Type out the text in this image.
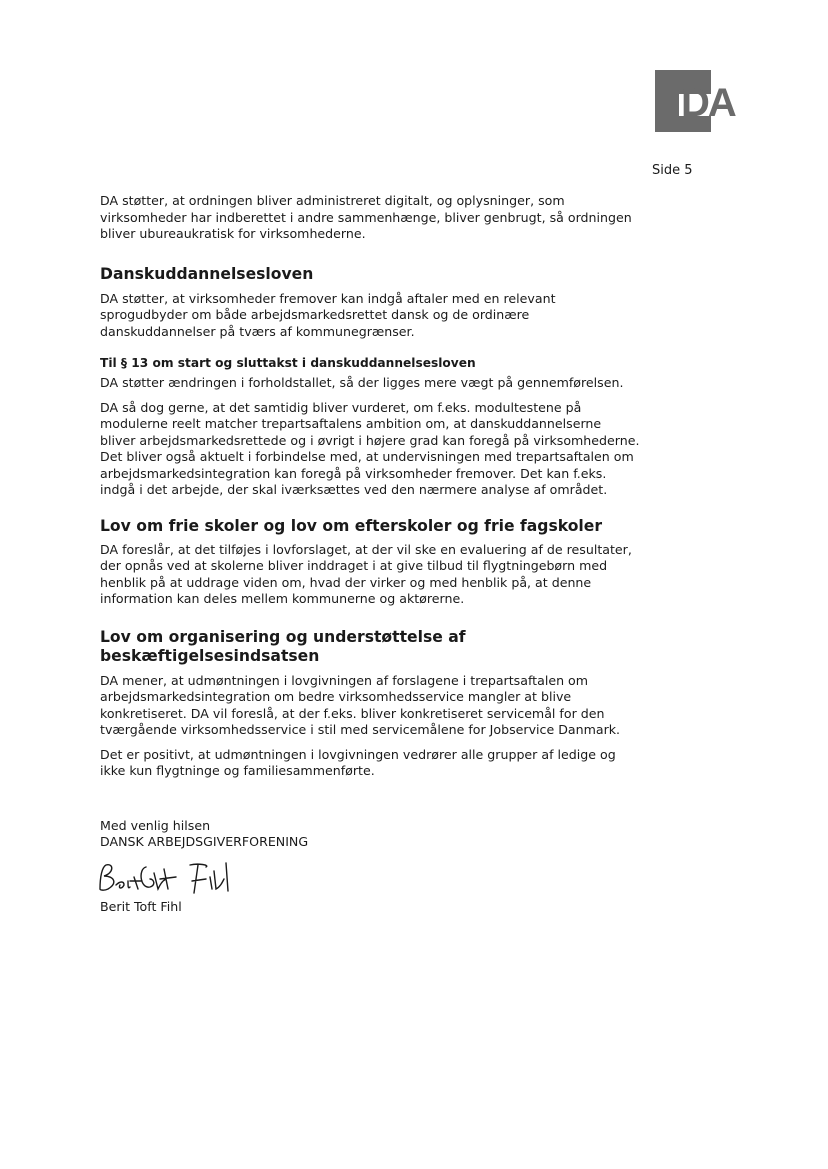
DA
Side 5

DA støtter, at ordningen bliver administreret digitalt, og oplysninger, som virksomheder har indberettet i andre sammenhænge, bliver genbrugt, så ordningen bliver ubureaukratisk for virksomhederne.

Danskuddannelsesloven

DA støtter, at virksomheder fremover kan indgå aftaler med en relevant sprogudbyder om både arbejdsmarkedsrettet dansk og de ordinære danskuddannelser på tværs af kommunegrænser.

Til § 13 om start og sluttakst i danskuddannelsesloven

DA støtter ændringen i forholdstallet, så der ligges mere vægt på gennemførelsen.

DA så dog gerne, at det samtidig bliver vurderet, om f.eks. modultestene på modulerne reelt matcher trepartsaftalens ambition om, at danskuddannelserne bliver arbejdsmarkedsrettede og i øvrigt i højere grad kan foregå på virksomhederne. Det bliver også aktuelt i forbindelse med, at undervisningen med trepartsaftalen om arbejdsmarkedsintegration kan foregå på virksomheder fremover. Det kan f.eks. indgå i det arbejde, der skal iværksættes ved den nærmere analyse af området.

Lov om frie skoler og lov om efterskoler og frie fagskoler

DA foreslår, at det tilføjes i lovforslaget, at der vil ske en evaluering af de resultater, der opnås ved at skolerne bliver inddraget i at give tilbud til flygtningebørn med henblik på at uddrage viden om, hvad der virker og med henblik på, at denne information kan deles mellem kommunerne og aktørerne.

Lov om organisering og understøttelse af beskæftigelsesindsatsen

DA mener, at udmøntningen i lovgivningen af forslagene i trepartsaftalen om arbejdsmarkedsintegration om bedre virksomhedsservice mangler at blive konkretiseret. DA vil foreslå, at der f.eks. bliver konkretiseret servicemål for den tværgående virksomhedsservice i stil med servicemålene for Jobservice Danmark.

Det er positivt, at udmøntningen i lovgivningen vedrører alle grupper af ledige og ikke kun flygtninge og familiesammenførte.

Med venlig hilsen

DANSK ARBEJDSGIVERFORENING

Berit Toft Fihl
